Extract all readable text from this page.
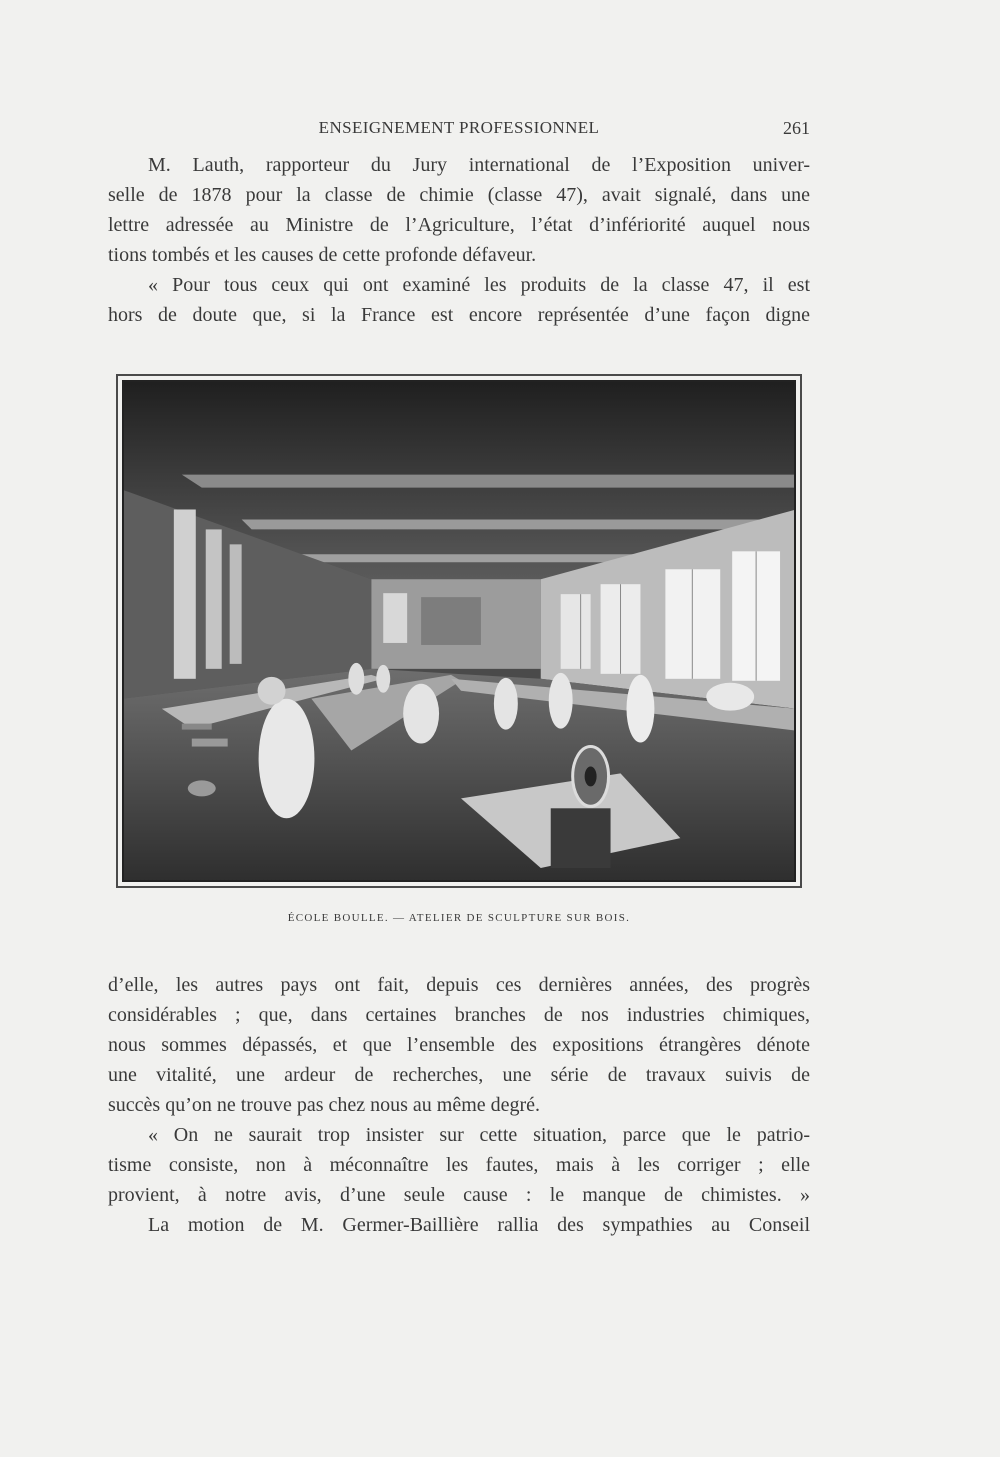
ENSEIGNEMENT PROFESSIONNEL	261
M. Lauth, rapporteur du Jury international de l’Exposition univer-
selle de 1878 pour la classe de chimie (classe 47), avait signalé, dans une
lettre adressée au Ministre de l’Agriculture, l’état d’infériorité auquel nous
tions tombés et les causes de cette profonde défaveur.
« Pour tous ceux qui ont examiné les produits de la classe 47, il est
hors de doute que, si la France est encore représentée d’une façon digne
ÉCOLE BOULLE. — ATELIER DE SCULPTURE SUR BOIS.
d’elle, les autres pays ont fait, depuis ces dernières années, des progrès
considérables ; que, dans certaines branches de nos industries chimiques,
nous sommes dépassés, et que l’ensemble des expositions étrangères dénote
une vitalité, une ardeur de recherches, une série de travaux suivis de
succès qu’on ne trouve pas chez nous au même degré.
« On ne saurait trop insister sur cette situation, parce que le patrio-
tisme consiste, non à méconnaître les fautes, mais à les corriger ; elle
provient, à notre avis, d’une seule cause : le manque de chimistes. »
La motion de M. Germer-Baillière rallia des sympathies au Conseil
